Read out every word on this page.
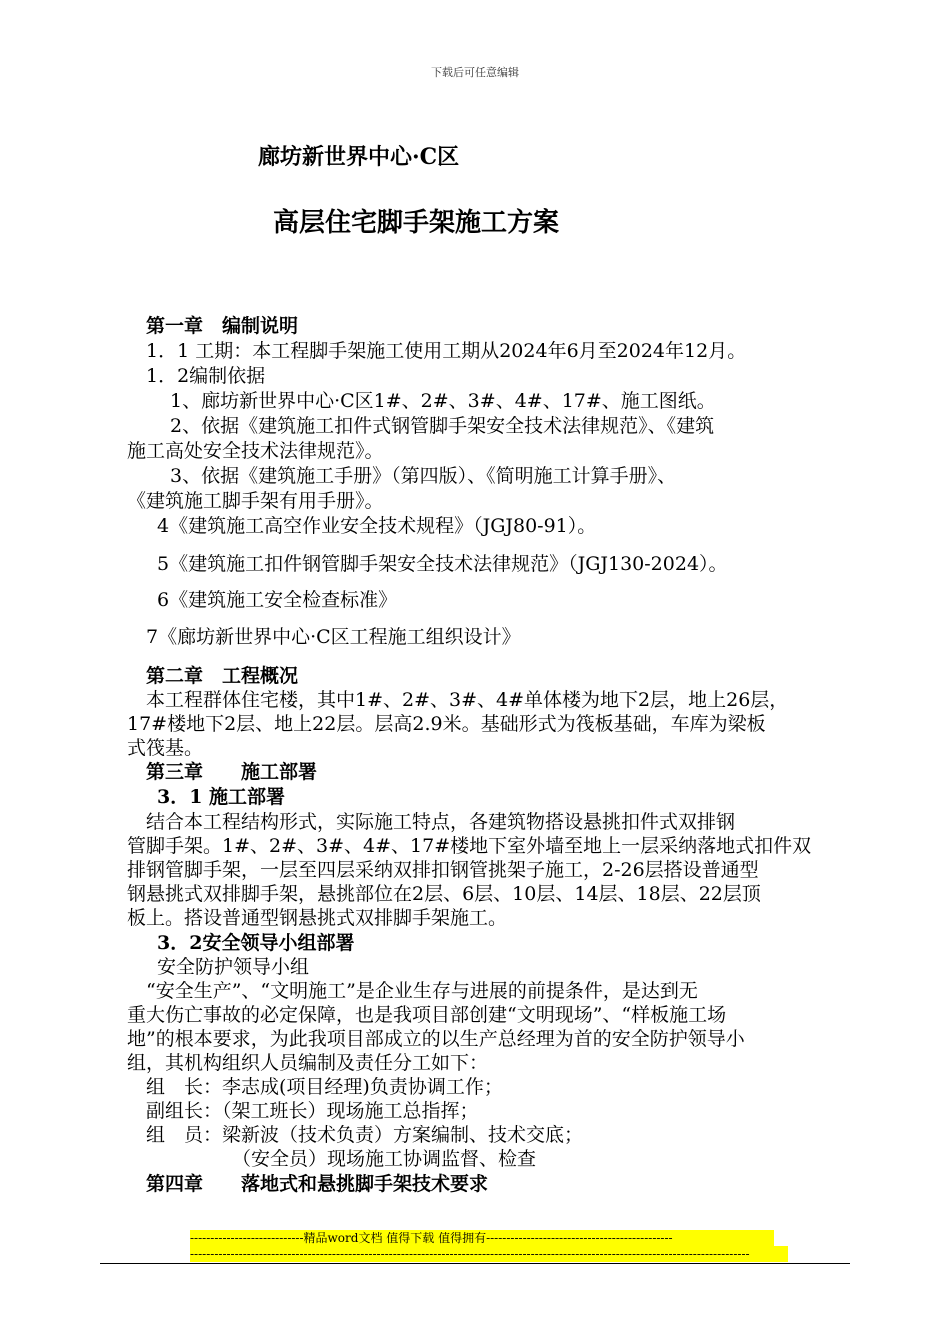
下载后可任意编辑
廊坊新世界中心·C区
高层住宅脚手架施工方案
第一章　编制说明
1．1 工期：本工程脚手架施工使用工期从2024年6月至2024年12月。
1．2编制依据
1、廊坊新世界中心·C区1#、2#、3#、4#、17#、施工图纸。
2、依据《建筑施工扣件式钢管脚手架安全技术法律规范》、《建筑
施工高处安全技术法律规范》。
3、依据《建筑施工手册》（第四版）、《简明施工计算手册》、
《建筑施工脚手架有用手册》。
4《建筑施工高空作业安全技术规程》（JGJ80-91）。
5《建筑施工扣件钢管脚手架安全技术法律规范》（JGJ130-2024）。
6《建筑施工安全检查标准》
7《廊坊新世界中心·C区工程施工组织设计》
第二章　工程概况
本工程群体住宅楼，其中1#、2#、3#、4#单体楼为地下2层，地上26层，
17#楼地下2层、地上22层。层高2.9米。基础形式为筏板基础，车库为梁板
式筏基。
第三章　　施工部署
3．1 施工部署
结合本工程结构形式，实际施工特点，各建筑物搭设悬挑扣件式双排钢
管脚手架。1#、2#、3#、4#、17#楼地下室外墙至地上一层采纳落地式扣件双
排钢管脚手架，一层至四层采纳双排扣钢管挑架子施工，2-26层搭设普通型
钢悬挑式双排脚手架，悬挑部位在2层、6层、10层、14层、18层、22层顶
板上。搭设普通型钢悬挑式双排脚手架施工。
3．2安全领导小组部署
安全防护领导小组
“安全生产”、“文明施工”是企业生存与进展的前提条件，是达到无
重大伤亡事故的必定保障，也是我项目部创建“文明现场”、“样板施工场
地”的根本要求，为此我项目部成立的以生产总经理为首的安全防护领导小
组，其机构组织人员编制及责任分工如下：
组　长：李志成(项目经理)负责协调工作；
副组长：（架工班长）现场施工总指挥；
组　员：梁新波（技术负责）方案编制、技术交底；
（安全员）现场施工协调监督、检查
第四章　　落地式和悬挑脚手架技术要求
----------------------------精品word文档 值得下载 值得拥有----------------------------------------------
------------------------------------------------------------------------------------------------------------------------------------------
